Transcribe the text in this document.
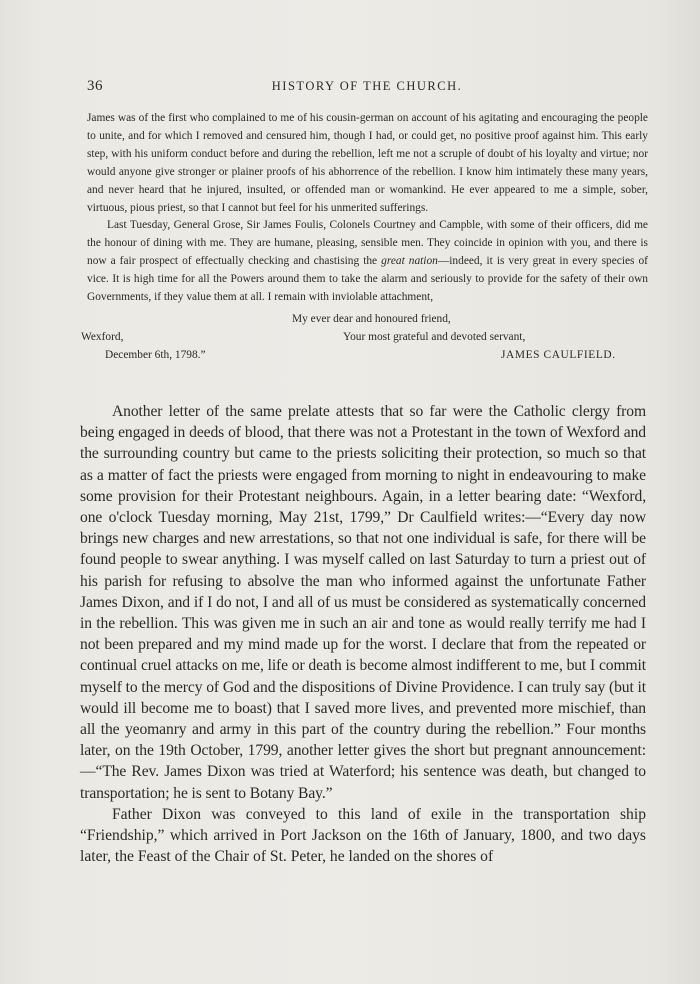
36	HISTORY OF THE CHURCH.

James was of the first who complained to me of his cousin-german on account of his agitating and encouraging the people to unite, and for which I removed and censured him, though I had, or could get, no positive proof against him. This early step, with his uniform conduct before and during the rebellion, left me not a scruple of doubt of his loyalty and virtue; nor would anyone give stronger or plainer proofs of his abhorrence of the rebellion. I know him intimately these many years, and never heard that he injured, insulted, or offended man or womankind. He ever appeared to me a simple, sober, virtuous, pious priest, so that I cannot but feel for his unmerited sufferings.

Last Tuesday, General Grose, Sir James Foulis, Colonels Courtney and Campble, with some of their officers, did me the honour of dining with me. They are humane, pleasing, sensible men. They coincide in opinion with you, and there is now a fair prospect of effectually checking and chastising the great nation—indeed, it is very great in every species of vice. It is high time for all the Powers around them to take the alarm and seriously to provide for the safety of their own Governments, if they value them at all. I remain with inviolable attachment,

My ever dear and honoured friend,

Wexford,	Your most grateful and devoted servant,
December 6th, 1798.”	JAMES CAULFIELD.

Another letter of the same prelate attests that so far were the Catholic clergy from being engaged in deeds of blood, that there was not a Protestant in the town of Wexford and the surrounding country but came to the priests soliciting their protection, so much so that as a matter of fact the priests were engaged from morning to night in endeavouring to make some provision for their Protestant neighbours. Again, in a letter bearing date: “Wexford, one o'clock Tuesday morning, May 21st, 1799,” Dr Caulfield writes:—“Every day now brings new charges and new arrestations, so that not one individual is safe, for there will be found people to swear anything. I was myself called on last Saturday to turn a priest out of his parish for refusing to absolve the man who informed against the unfortunate Father James Dixon, and if I do not, I and all of us must be considered as systematically concerned in the rebellion. This was given me in such an air and tone as would really terrify me had I not been prepared and my mind made up for the worst. I declare that from the repeated or continual cruel attacks on me, life or death is become almost indifferent to me, but I commit myself to the mercy of God and the dispositions of Divine Providence. I can truly say (but it would ill become me to boast) that I saved more lives, and prevented more mischief, than all the yeomanry and army in this part of the country during the rebellion.” Four months later, on the 19th October, 1799, another letter gives the short but pregnant announcement:—“The Rev. James Dixon was tried at Waterford; his sentence was death, but changed to transportation; he is sent to Botany Bay.”

Father Dixon was conveyed to this land of exile in the transportation ship “Friendship,” which arrived in Port Jackson on the 16th of January, 1800, and two days later, the Feast of the Chair of St. Peter, he landed on the shores of
